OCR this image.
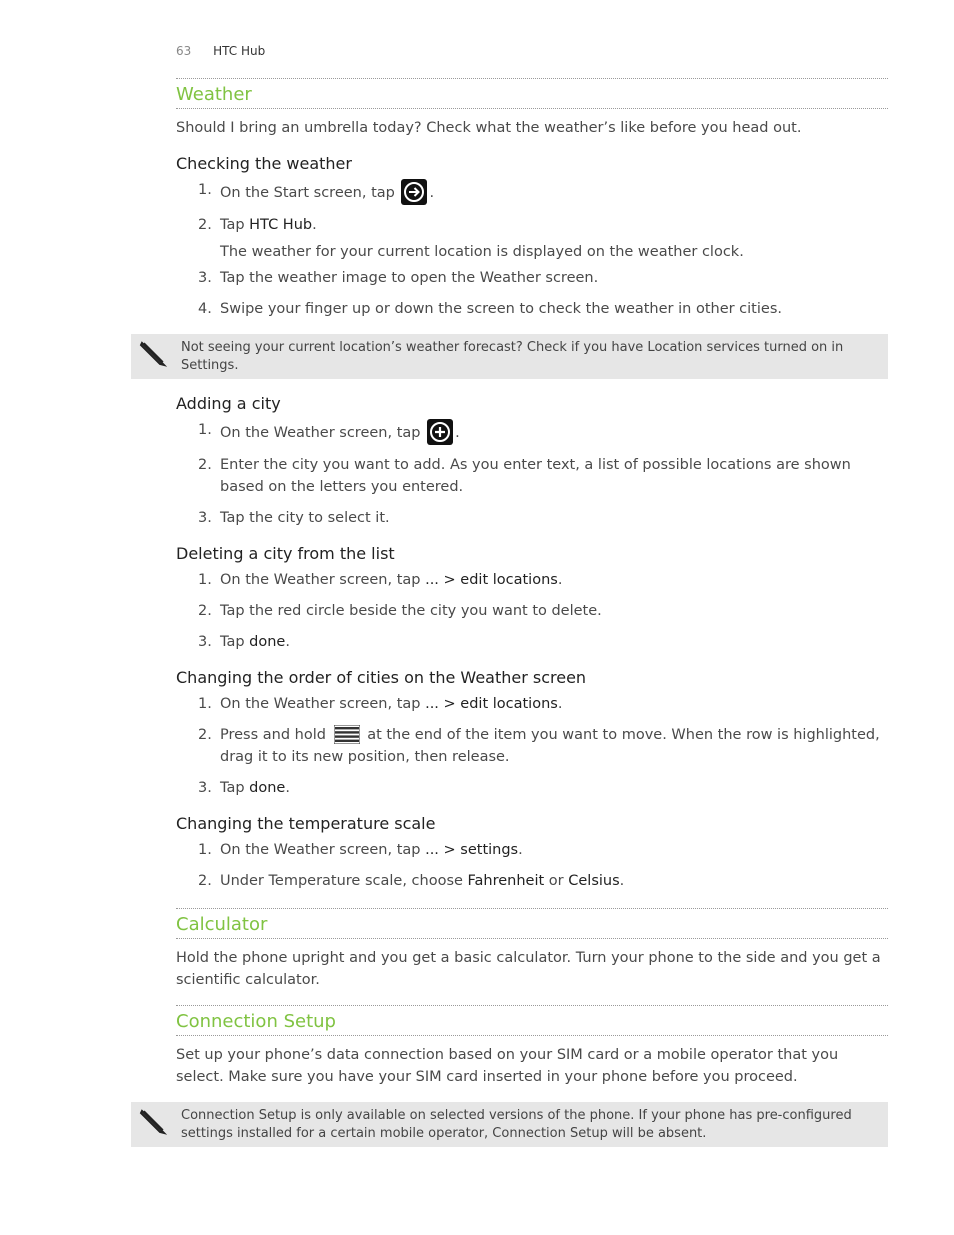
63 HTC Hub
Weather

Should I bring an umbrella today? Check what the weather’s like before you head out.

Checking the weather
1. On the Start screen, tap .
2. Tap HTC Hub.

The weather for your current location is displayed on the weather clock.

3. Tap the weather image to open the Weather screen.
4. Swipe your finger up or down the screen to check the weather in other cities.
Not seeing your current location’s weather forecast? Check if you have Location services turned on in Settings.
Adding a city
1. On the Weather screen, tap .
2. Enter the city you want to add. As you enter text, a list of possible locations are shown based on the letters you entered.
3. Tap the city to select it.
Deleting a city from the list
1. On the Weather screen, tap ... > edit locations.
2. Tap the red circle beside the city you want to delete.
3. Tap done.
Changing the order of cities on the Weather screen
1. On the Weather screen, tap ... > edit locations.
2. Press and hold	at the end of the item you want to move. When the row is highlighted, drag it to its new position, then release.
3. Tap done.
Changing the temperature scale
1. On the Weather screen, tap ... > settings.
2. Under Temperature scale, choose Fahrenheit or Celsius.
Calculator

Hold the phone upright and you get a basic calculator. Turn your phone to the side and you get a scientific calculator.

Connection Setup

Set up your phone’s data connection based on your SIM card or a mobile operator that you select. Make sure you have your SIM card inserted in your phone before you proceed.

Connection Setup is only available on selected versions of the phone. If your phone has pre-configured settings installed for a certain mobile operator, Connection Setup will be absent.
